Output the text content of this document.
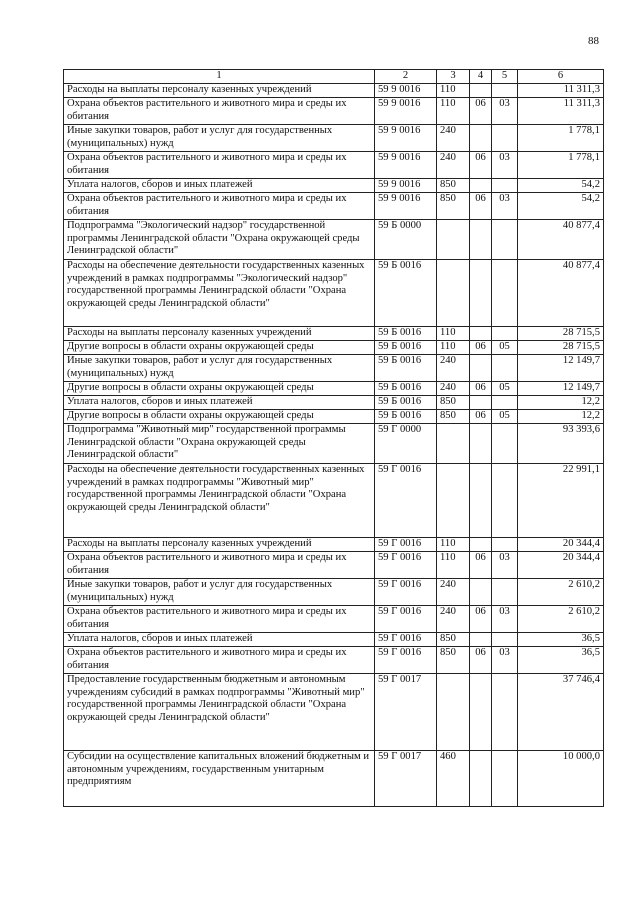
88
1	2	3	4	5	6
Расходы на выплаты персоналу казенных учреждений	59 9 0016	110			11 311,3
Охрана объектов растительного и животного мира и среды их обитания	59 9 0016	110	06	03	11 311,3
Иные закупки товаров, работ и услуг для государственных (муниципальных) нужд	59 9 0016	240			1 778,1
Охрана объектов растительного и животного мира и среды их обитания	59 9 0016	240	06	03	1 778,1
Уплата налогов, сборов и иных платежей	59 9 0016	850			54,2
Охрана объектов растительного и животного мира и среды их обитания	59 9 0016	850	06	03	54,2
Подпрограмма "Экологический надзор" государственной программы Ленинградской области "Охрана окружающей среды Ленинградской области"	59 Б 0000				40 877,4
Расходы на обеспечение деятельности государственных казенных учреждений в рамках подпрограммы "Экологический надзор" государственной программы Ленинградской области "Охрана окружающей среды Ленинградской области"	59 Б 0016				40 877,4
Расходы на выплаты персоналу казенных учреждений	59 Б 0016	110			28 715,5
Другие вопросы в области охраны окружающей среды	59 Б 0016	110	06	05	28 715,5
Иные закупки товаров, работ и услуг для государственных (муниципальных) нужд	59 Б 0016	240			12 149,7
Другие вопросы в области охраны окружающей среды	59 Б 0016	240	06	05	12 149,7
Уплата налогов, сборов и иных платежей	59 Б 0016	850			12,2
Другие вопросы в области охраны окружающей среды	59 Б 0016	850	06	05	12,2
Подпрограмма "Животный мир" государственной программы Ленинградской области "Охрана окружающей среды Ленинградской области"	59 Г 0000				93 393,6
Расходы на обеспечение деятельности государственных казенных учреждений в рамках подпрограммы "Животный мир" государственной программы Ленинградской области "Охрана окружающей среды Ленинградской области"	59 Г 0016				22 991,1
Расходы на выплаты персоналу казенных учреждений	59 Г 0016	110			20 344,4
Охрана объектов растительного и животного мира и среды их обитания	59 Г 0016	110	06	03	20 344,4
Иные закупки товаров, работ и услуг для государственных (муниципальных) нужд	59 Г 0016	240			2 610,2
Охрана объектов растительного и животного мира и среды их обитания	59 Г 0016	240	06	03	2 610,2
Уплата налогов, сборов и иных платежей	59 Г 0016	850			36,5
Охрана объектов растительного и животного мира и среды их обитания	59 Г 0016	850	06	03	36,5
Предоставление государственным бюджетным и автономным учреждениям субсидий в рамках подпрограммы "Животный мир" государственной программы Ленинградской области "Охрана окружающей среды Ленинградской области"	59 Г 0017				37 746,4
Субсидии на осуществление капитальных вложений бюджетным и автономным учреждениям, государственным унитарным предприятиям	59 Г 0017	460			10 000,0
